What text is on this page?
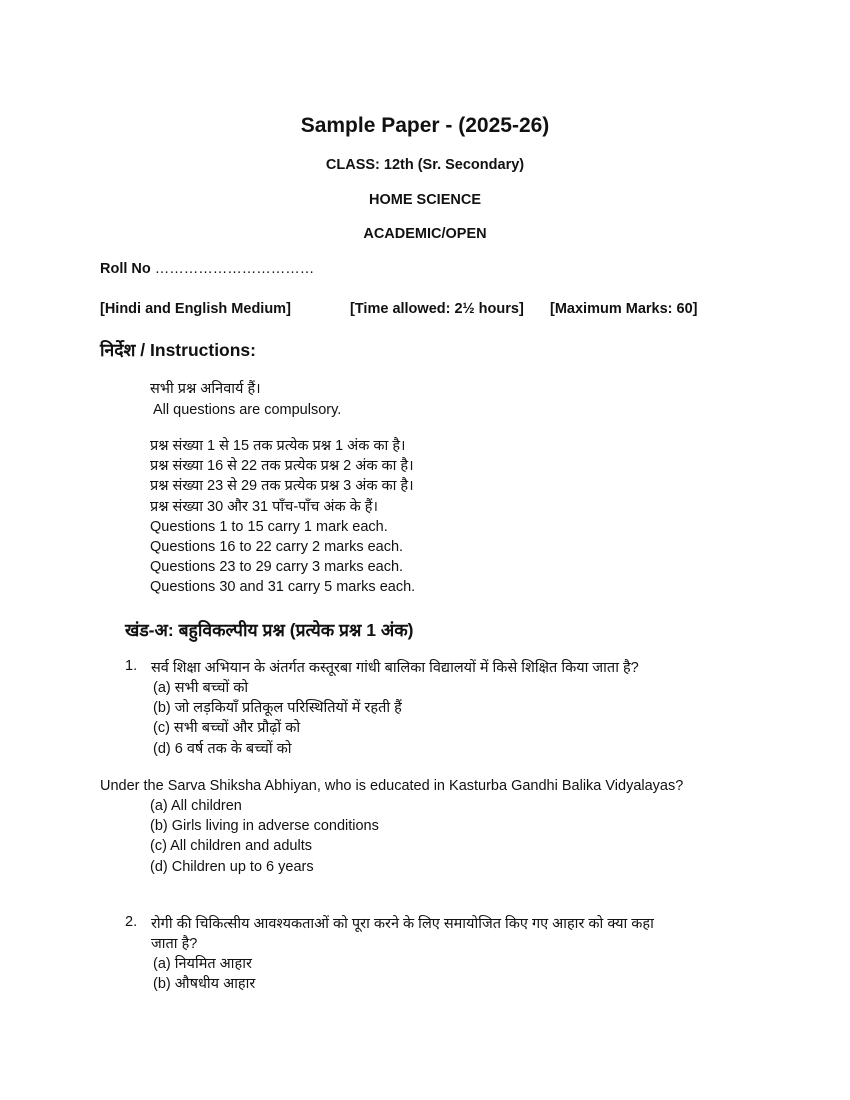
Sample Paper - (2025-26)
CLASS: 12th (Sr. Secondary)
HOME SCIENCE
ACADEMIC/OPEN
Roll No ……………………………
[Hindi and English Medium]	[Time allowed: 2½ hours] [Maximum Marks: 60]
निर्देश / Instructions:
सभी प्रश्न अनिवार्य हैं।
All questions are compulsory.
प्रश्न संख्या 1 से 15 तक प्रत्येक प्रश्न 1 अंक का है।
प्रश्न संख्या 16 से 22 तक प्रत्येक प्रश्न 2 अंक का है।
प्रश्न संख्या 23 से 29 तक प्रत्येक प्रश्न 3 अंक का है।
प्रश्न संख्या 30 और 31 पाँच-पाँच अंक के हैं।
Questions 1 to 15 carry 1 mark each.
Questions 16 to 22 carry 2 marks each.
Questions 23 to 29 carry 3 marks each.
Questions 30 and 31 carry 5 marks each.
खंड-अ: बहुविकल्पीय प्रश्न (प्रत्येक प्रश्न 1 अंक)
1. सर्व शिक्षा अभियान के अंतर्गत कस्तूरबा गांधी बालिका विद्यालयों में किसे शिक्षित किया जाता है?
(a) सभी बच्चों को
(b) जो लड़कियाँ प्रतिकूल परिस्थितियों में रहती हैं
(c) सभी बच्चों और प्रौढ़ों को
(d) 6 वर्ष तक के बच्चों को
Under the Sarva Shiksha Abhiyan, who is educated in Kasturba Gandhi Balika Vidyalayas?
(a) All children
(b) Girls living in adverse conditions
(c) All children and adults
(d) Children up to 6 years
2. रोगी की चिकित्सीय आवश्यकताओं को पूरा करने के लिए समायोजित किए गए आहार को क्या कहा
जाता है?
(a) नियमित आहार
(b) औषधीय आहार
